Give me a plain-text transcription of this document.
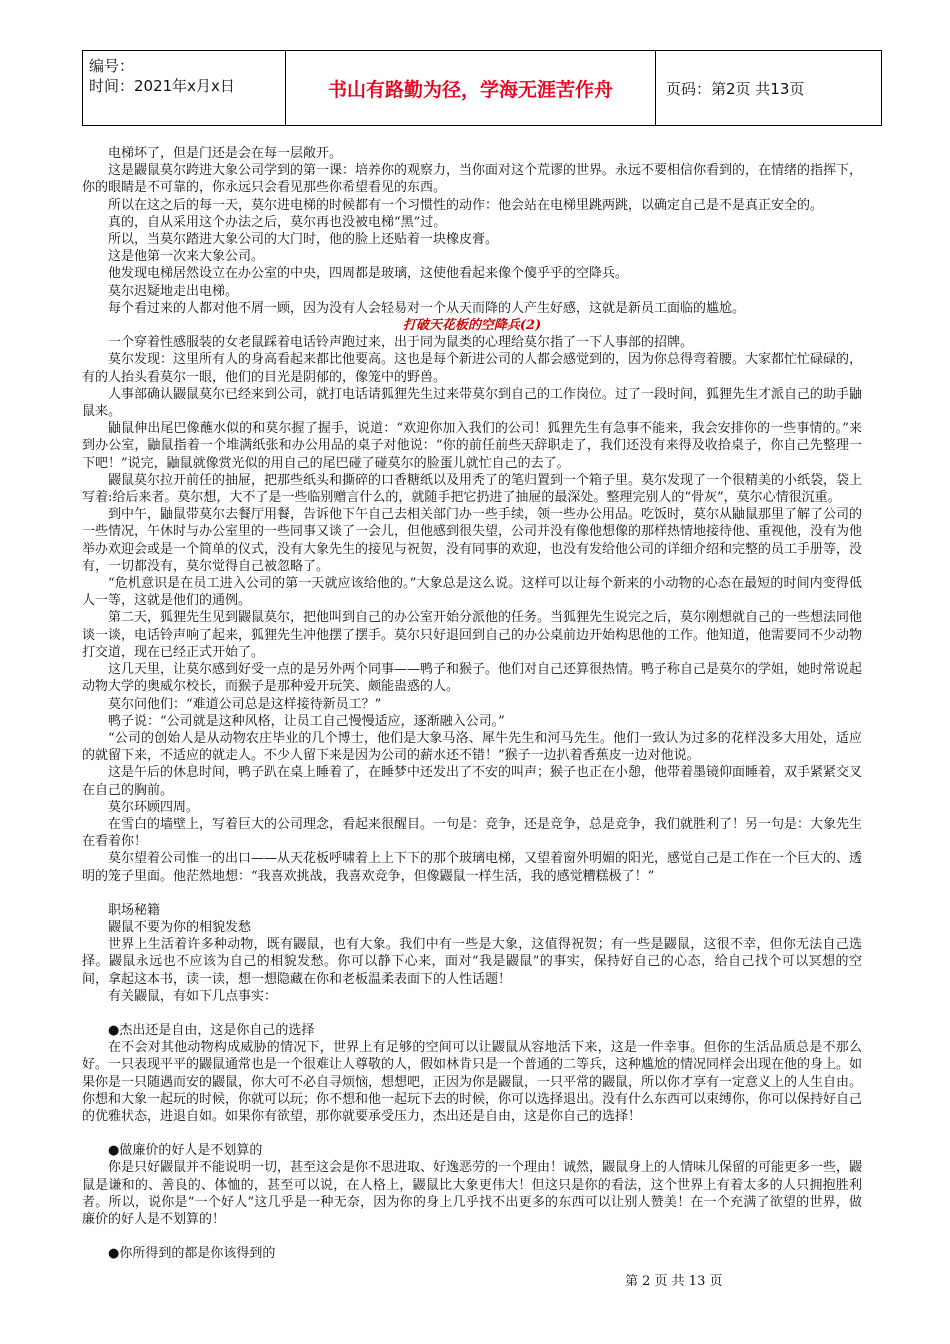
编号：
时间：2021年x月x日	书山有路勤为径，学海无涯苦作舟	页码：第2页 共13页

电梯坏了，但是门还是会在每一层敞开。

这是鼹鼠莫尔跨进大象公司学到的第一课：培养你的观察力，当你面对这个荒谬的世界。永远不要相信你看到的，在情绪的指挥下，你的眼睛是不可靠的，你永远只会看见那些你希望看见的东西。

所以在这之后的每一天，莫尔进电梯的时候都有一个习惯性的动作：他会站在电梯里跳两跳，以确定自己是不是真正安全的。

真的，自从采用这个办法之后，莫尔再也没被电梯“黑”过。

所以，当莫尔踏进大象公司的大门时，他的脸上还贴着一块橡皮膏。

这是他第一次来大象公司。

他发现电梯居然设立在办公室的中央，四周都是玻璃，这使他看起来像个傻乎乎的空降兵。

莫尔迟疑地走出电梯。

每个看过来的人都对他不屑一顾，因为没有人会轻易对一个从天而降的人产生好感，这就是新员工面临的尴尬。

打破天花板的空降兵(2)

一个穿着性感服装的女老鼠踩着电话铃声跑过来，出于同为鼠类的心理给莫尔指了一下人事部的招牌。

莫尔发现：这里所有人的身高看起来都比他要高。这也是每个新进公司的人都会感觉到的，因为你总得弯着腰。大家都忙忙碌碌的，有的人抬头看莫尔一眼，他们的目光是阴郁的，像笼中的野兽。

人事部确认鼹鼠莫尔已经来到公司，就打电话请狐狸先生过来带莫尔到自己的工作岗位。过了一段时间，狐狸先生才派自己的助手鼬鼠来。

鼬鼠伸出尾巴像蘸水似的和莫尔握了握手，说道：“欢迎你加入我们的公司！狐狸先生有急事不能来，我会安排你的一些事情的。”来到办公室，鼬鼠指着一个堆满纸张和办公用品的桌子对他说：“你的前任前些天辞职走了，我们还没有来得及收拾桌子，你自己先整理一下吧！”说完，鼬鼠就像赏光似的用自己的尾巴碰了碰莫尔的脸蛋儿就忙自己的去了。

鼹鼠莫尔拉开前任的抽屉，把那些纸头和撕碎的口香糖纸以及用秃了的笔归置到一个箱子里。莫尔发现了一个很精美的小纸袋，袋上写着:给后来者。莫尔想，大不了是一些临别赠言什么的，就随手把它扔进了抽屉的最深处。整理完别人的“骨灰”，莫尔心情很沉重。

到中午，鼬鼠带莫尔去餐厅用餐，告诉他下午自己去相关部门办一些手续，领一些办公用品。吃饭时，莫尔从鼬鼠那里了解了公司的一些情况，午休时与办公室里的一些同事又谈了一会儿，但他感到很失望，公司并没有像他想像的那样热情地接待他、重视他，没有为他举办欢迎会或是一个简单的仪式，没有大象先生的接见与祝贺，没有同事的欢迎，也没有发给他公司的详细介绍和完整的员工手册等，没有，一切都没有，莫尔觉得自己被忽略了。

“危机意识是在员工进入公司的第一天就应该给他的。”大象总是这么说。这样可以让每个新来的小动物的心态在最短的时间内变得低人一等，这就是他们的通例。

第二天，狐狸先生见到鼹鼠莫尔，把他叫到自己的办公室开始分派他的任务。当狐狸先生说完之后，莫尔刚想就自己的一些想法同他谈一谈，电话铃声响了起来，狐狸先生冲他摆了摆手。莫尔只好退回到自己的办公桌前边开始构思他的工作。他知道，他需要同不少动物打交道，现在已经正式开始了。

这几天里，让莫尔感到好受一点的是另外两个同事——鸭子和猴子。他们对自己还算很热情。鸭子称自己是莫尔的学姐，她时常说起动物大学的奥威尔校长，而猴子是那种爱开玩笑、颇能蛊惑的人。

莫尔问他们：“难道公司总是这样接待新员工？”

鸭子说：“公司就是这种风格，让员工自己慢慢适应，逐渐融入公司。”

“公司的创始人是从动物农庄毕业的几个博士，他们是大象马洛、犀牛先生和河马先生。他们一致认为过多的花样没多大用处，适应的就留下来，不适应的就走人。不少人留下来是因为公司的薪水还不错！”猴子一边扒着香蕉皮一边对他说。

这是午后的休息时间，鸭子趴在桌上睡着了，在睡梦中还发出了不安的叫声；猴子也正在小憩，他带着墨镜仰面睡着，双手紧紧交叉在自己的胸前。

莫尔环顾四周。

在雪白的墙壁上，写着巨大的公司理念，看起来很醒目。一句是：竞争，还是竞争，总是竞争，我们就胜利了！另一句是：大象先生在看着你！

莫尔望着公司惟一的出口——从天花板呼啸着上上下下的那个玻璃电梯，又望着窗外明媚的阳光，感觉自己是工作在一个巨大的、透明的笼子里面。他茫然地想：“我喜欢挑战，我喜欢竞争，但像鼹鼠一样生活，我的感觉糟糕极了！”

职场秘籍

鼹鼠不要为你的相貌发愁

世界上生活着许多种动物，既有鼹鼠，也有大象。我们中有一些是大象，这值得祝贺；有一些是鼹鼠，这很不幸，但你无法自己选择。鼹鼠永远也不应该为自己的相貌发愁。你可以静下心来，面对“我是鼹鼠”的事实，保持好自己的心态，给自己找个可以冥想的空间，拿起这本书，读一读，想一想隐藏在你和老板温柔表面下的人性话题！

有关鼹鼠，有如下几点事实：

●杰出还是自由，这是你自己的选择

在不会对其他动物构成威胁的情况下，世界上有足够的空间可以让鼹鼠从容地活下来，这是一件幸事。但你的生活品质总是不那么好。一只表现平平的鼹鼠通常也是一个很难让人尊敬的人，假如林肯只是一个普通的二等兵，这种尴尬的情况同样会出现在他的身上。如果你是一只随遇而安的鼹鼠，你大可不必自寻烦恼，想想吧，正因为你是鼹鼠，一只平常的鼹鼠，所以你才享有一定意义上的人生自由。你想和大象一起玩的时候，你就可以玩；你不想和他一起玩下去的时候，你可以选择退出。没有什么东西可以束缚你，你可以保持好自己的优雅状态，进退自如。如果你有欲望，那你就要承受压力，杰出还是自由，这是你自己的选择！

●做廉价的好人是不划算的

你是只好鼹鼠并不能说明一切，甚至这会是你不思进取、好逸恶劳的一个理由！诚然，鼹鼠身上的人情味儿保留的可能更多一些，鼹鼠是谦和的、善良的、体恤的，甚至可以说，在人格上，鼹鼠比大象更伟大！但这只是你的看法，这个世界上有着太多的人只拥抱胜利者。所以，说你是“一个好人”这几乎是一种无奈，因为你的身上几乎找不出更多的东西可以让别人赞美！在一个充满了欲望的世界，做廉价的好人是不划算的！

●你所得到的都是你该得到的

第 2 页 共 13 页
